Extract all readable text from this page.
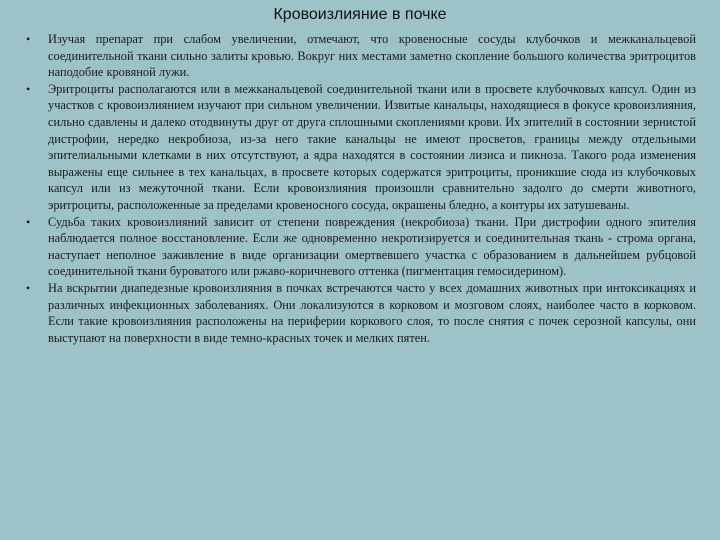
Кровоизлияние в почке
• Изучая препарат при слабом увеличении, отмечают, что кровеносные сосуды клубочков и межканальцевой соединительной ткани сильно залиты кровью. Вокруг них местами заметно скопление большого количества эритроцитов наподобие кровяной лужи.
• Эритроциты располагаются или в межканальцевой соединительной ткани или в просвете клубочковых капсул. Один из участков с кровоизлиянием изучают при сильном увеличении. Извитые канальцы, находящиеся в фокусе кровоизлияния, сильно сдавлены и далеко отодвинуты друг от друга сплошными скоплениями крови. Их эпителий в состоянии зернистой дистрофии, нередко некробиоза, из-за него такие канальцы не имеют просветов, границы между отдельными эпителиальными клетками в них отсутствуют, а ядра находятся в состоянии лизиса и пикноза. Такого рода изменения выражены еще сильнее в тех канальцах, в просвете которых содержатся эритроциты, проникшие сюда из клубочковых капсул или из межуточной ткани. Если кровоизлияния произошли сравнительно задолго до смерти животного, эритроциты, расположенные за пределами кровеносного сосуда, окрашены бледно, а контуры их затушеваны.
• Судьба таких кровоизлияний зависит от степени повреждения (некробиоза) ткани. При дистрофии одного эпителия наблюдается полное восстановление. Если же одновременно некротизируется и соединительная ткань - строма органа, наступает неполное заживление в виде организации омертвевшего участка с образованием в дальнейшем рубцовой соединительной ткани буроватого или ржаво-коричневого оттенка (пигментация гемосидерином).
• На вскрытии диапедезные кровоизлияния в почках встречаются часто у всех домашних животных при интоксикациях и различных инфекционных заболеваниях. Они локализуются в корковом и мозговом слоях, наиболее часто в корковом. Если такие кровоизлияния расположены на периферии коркового слоя, то после снятия с почек серозной капсулы, они выступают на поверхности в виде темно-красных точек и мелких пятен.
